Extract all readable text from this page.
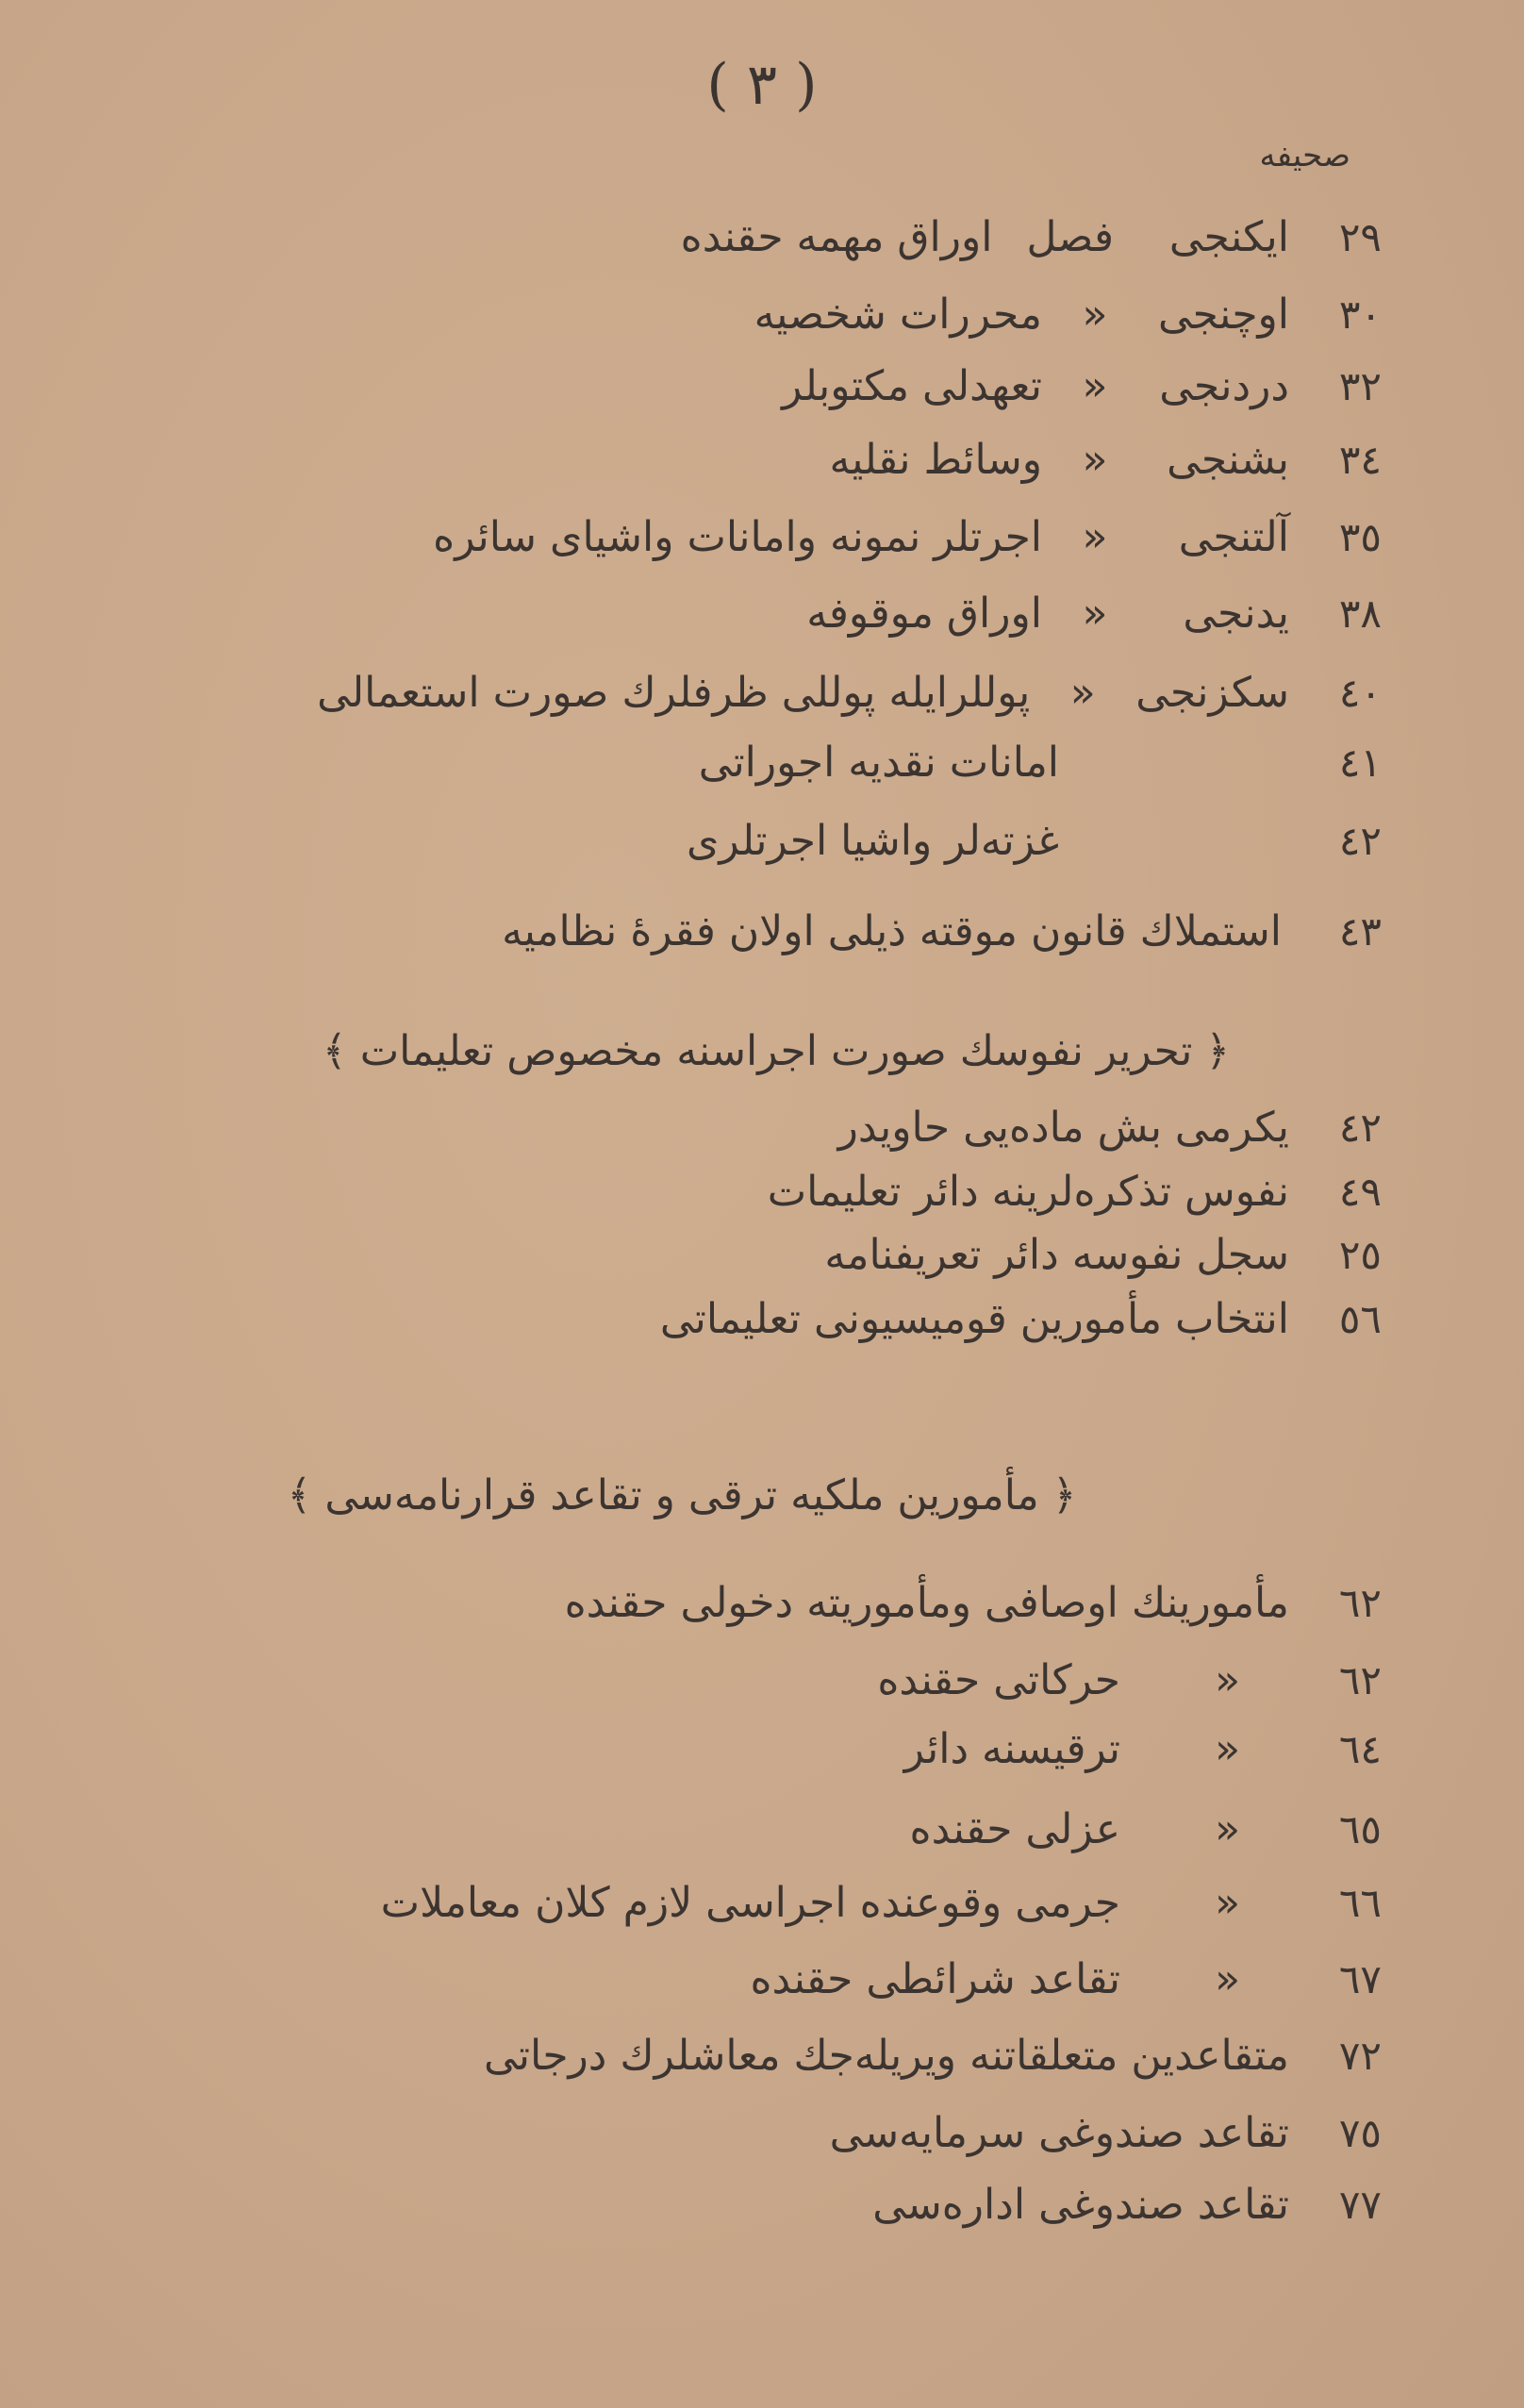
( ٣ )
صحیفه
٢٩
ایکنجی
فصل
اوراق مهمه حقنده
٣٠
اوچنجی
«
محررات شخصیه
٣٢
دردنجی
«
تعهدلی مکتوبلر
٣٤
بشنجی
«
وسائط نقلیه
٣٥
آلتنجی
«
اجرتلر نمونه وامانات واشیای سائره
٣٨
یدنجی
«
اوراق موقوفه
٤٠
سکزنجی
«
پوللرایله پوللی ظرفلرك صورت استعمالی
٤١
امانات نقدیه اجوراتی
٤٢
غزته‌لر واشیا اجرتلری
٤٣
استملاك قانون موقته ذیلی اولان فقرهٔ نظامیه
٤٢
یکرمی بش ماده‌یی حاویدر
٤٩
نفوس تذکره‌لرینه دائر تعلیمات
٢٥
سجل نفوسه دائر تعریفنامه
٥٦
انتخاب مأمورین قومیسیونی تعلیماتی
٦٢
مأمورینك اوصافی ومأموریته دخولی حقنده
٦٢
«
حرکاتی حقنده
٦٤
«
ترقیسنه دائر
٦٥
«
عزلی حقنده
٦٦
«
جرمی وقوعنده اجراسی لازم کلان معاملات
٦٧
«
تقاعد شرائطی حقنده
٧٢
متقاعدین متعلقاتنه ویریله‌جك معاشلرك درجاتی
٧٥
تقاعد صندوغی سرمایه‌سی
٧٧
تقاعد صندوغی اداره‌سی
﴿ تحریر نفوسك صورت اجراسنه مخصوص تعلیمات ﴾
﴿ مأمورین ملکیه ترقی و تقاعد قرارنامه‌سی ﴾
